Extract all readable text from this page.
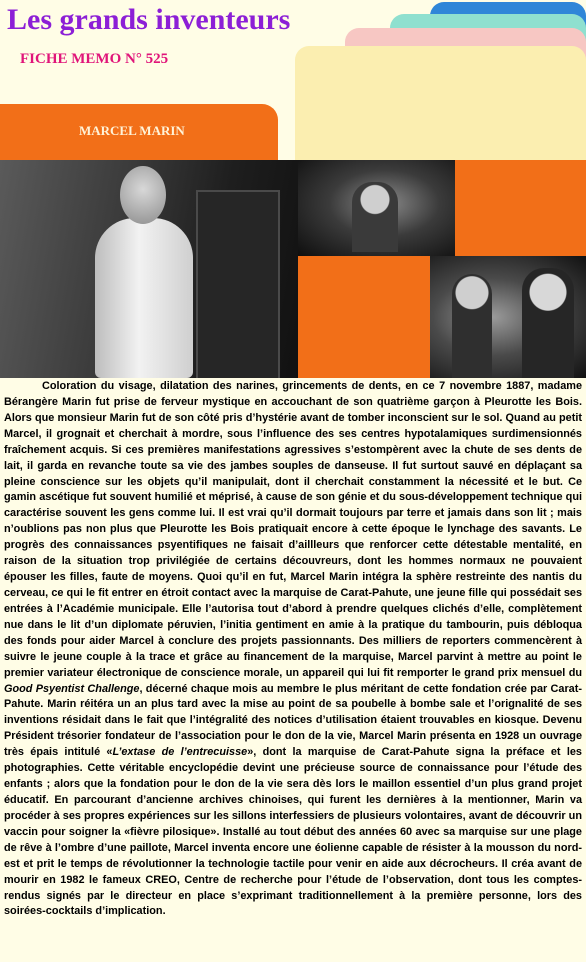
Les grands inventeurs
FICHE MEMO N° 525
MARCEL MARIN

Coloration du visage, dilatation des narines, grincements de dents, en ce 7 novembre 1887, madame Bérangère Marin fut prise de ferveur mystique en accouchant de son quatrième garçon à Pleurotte les Bois. Alors que monsieur Marin fut de son côté pris d’hystérie avant de tomber inconscient sur le sol. Quand au petit Marcel, il grognait et cherchait à mordre, sous l’influence des ses centres hypotalamiques surdimensionnés fraîchement acquis. Si ces premières manifestations agressives s’estompèrent avec la chute de ses dents de lait, il garda en revanche toute sa vie des jambes souples de danseuse. Il fut surtout sauvé en déplaçant sa pleine conscience sur les objets qu’il manipulait, dont il cherchait constamment la nécessité et le but. Ce gamin ascétique fut souvent humilié et méprisé, à cause de son génie et du sous-développement technique qui caractérise souvent les gens comme lui. Il est vrai qu’il dormait toujours par terre et jamais dans son lit ; mais n’oublions pas non plus que Pleurotte les Bois pratiquait encore à cette époque le lynchage des savants. Le progrès des connaissances psyentifiques ne faisait d’aillleurs que renforcer cette détestable mentalité, en raison de la situation trop privilégiée de certains découvreurs, dont les hommes normaux ne pouvaient épouser les filles, faute de moyens. Quoi qu’il en fut, Marcel Marin intégra la sphère restreinte des nantis du cerveau, ce qui le fit entrer en étroit contact avec la marquise de Carat-Pahute, une jeune fille qui possédait ses entrées à l’Académie municipale. Elle l’autorisa tout d’abord à prendre quelques clichés d’elle, complètement nue dans le lit d’un diplomate péruvien, l’initia gentiment en amie à la pratique du tambourin, puis débloqua des fonds pour aider Marcel à conclure des projets passionnants. Des milliers de reporters commencèrent à suivre le jeune couple à la trace et grâce au financement de la marquise, Marcel parvint à mettre au point le premier variateur électronique de conscience morale, un appareil qui lui fit remporter le grand prix mensuel du Good Psyentist Challenge, décerné chaque mois au membre le plus méritant de cette fondation crée par Carat-Pahute. Marin réitéra un an plus tard avec la mise au point de sa poubelle à bombe sale et l’orignalité de ses inventions résidait dans le fait que l’intégralité des notices d’utilisation étaient trouvables en kiosque. Devenu Président trésorier fondateur de l’association pour le don de la vie, Marcel Marin présenta en 1928 un ouvrage très épais intitulé «L’extase de l’entrecuisse», dont la marquise de Carat-Pahute signa la préface et les photographies. Cette véritable encyclopédie devint une précieuse source de connaissance pour l’étude des enfants ; alors que la fondation pour le don de la vie sera dès lors le maillon essentiel d’un plus grand projet éducatif. En parcourant d’ancienne archives chinoises, qui furent les dernières à la mentionner, Marin va procéder à ses propres expériences sur les sillons interfessiers de plusieurs volontaires, avant de découvrir un vaccin pour soigner la «fièvre pilosique». Installé au tout début des années 60 avec sa marquise sur une plage de rêve à l’ombre d’une paillote, Marcel inventa encore une éolienne capable de résister à la mousson du nord-est et prit le temps de révolutionner la technologie tactile pour venir en aide aux décrocheurs. Il créa avant de mourir en 1982 le fameux CREO, Centre de recherche pour l’étude de l’observation, dont tous les comptes-rendus signés par le directeur en place s’exprimant traditionnellement à la première personne, lors des soirées-cocktails d’implication.
